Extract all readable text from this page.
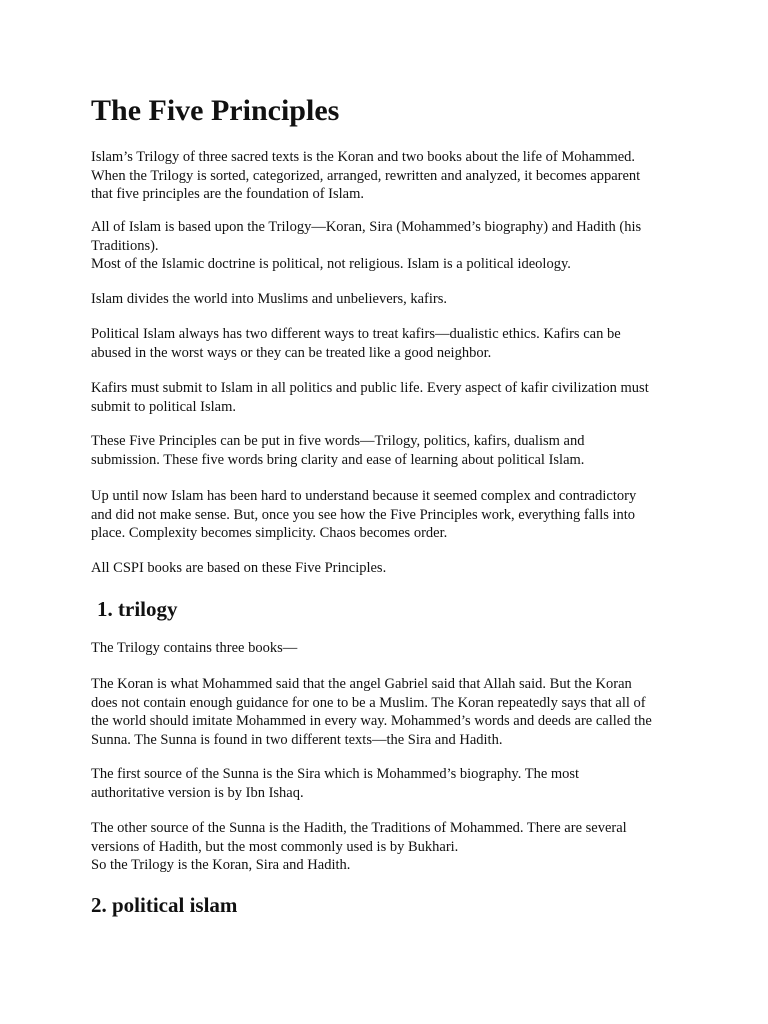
The Five Principles

Islam’s Trilogy of three sacred texts is the Koran and two books about the life of Mohammed.
When the Trilogy is sorted, categorized, arranged, rewritten and analyzed, it becomes apparent
that five principles are the foundation of Islam.

All of Islam is based upon the Trilogy—Koran, Sira (Mohammed’s biography) and Hadith (his
Traditions).
Most of the Islamic doctrine is political, not religious. Islam is a political ideology.

Islam divides the world into Muslims and unbelievers, kafirs.

Political Islam always has two different ways to treat kafirs—dualistic ethics. Kafirs can be
abused in the worst ways or they can be treated like a good neighbor.

Kafirs must submit to Islam in all politics and public life. Every aspect of kafir civilization must
submit to political Islam.

These Five Principles can be put in five words—Trilogy, politics, kafirs, dualism and
submission. These five words bring clarity and ease of learning about political Islam.

Up until now Islam has been hard to understand because it seemed complex and contradictory
and did not make sense. But, once you see how the Five Principles work, everything falls into
place. Complexity becomes simplicity. Chaos becomes order.

All CSPI books are based on these Five Principles.

1. trilogy

The Trilogy contains three books—

The Koran is what Mohammed said that the angel Gabriel said that Allah said. But the Koran
does not contain enough guidance for one to be a Muslim. The Koran repeatedly says that all of
the world should imitate Mohammed in every way. Mohammed’s words and deeds are called the
Sunna. The Sunna is found in two different texts—the Sira and Hadith.

The first source of the Sunna is the Sira which is Mohammed’s biography. The most
authoritative version is by Ibn Ishaq.

The other source of the Sunna is the Hadith, the Traditions of Mohammed. There are several
versions of Hadith, but the most commonly used is by Bukhari.
So the Trilogy is the Koran, Sira and Hadith.

2. political islam
